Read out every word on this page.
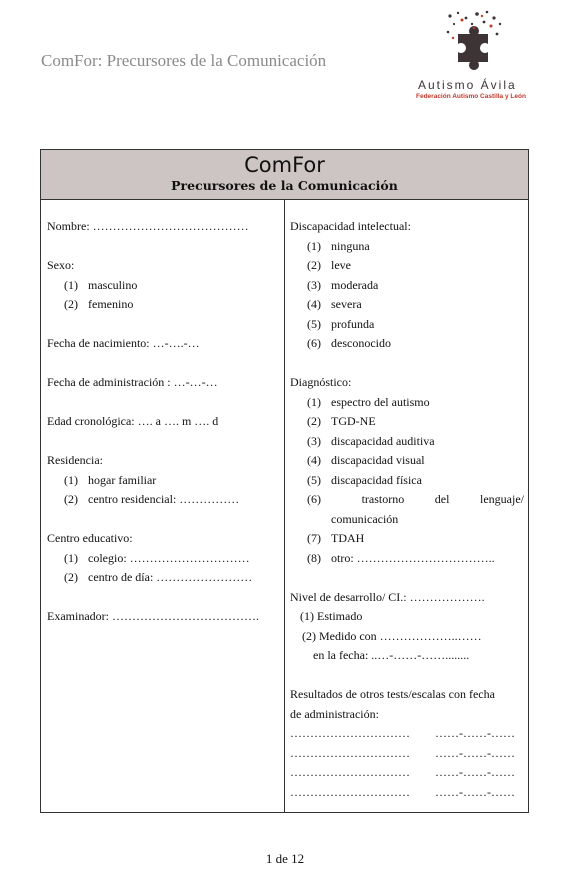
ComFor: Precursores de la Comunicación
Autismo Ávila
Federación Autismo Castilla y León
ComFor
Precursores de la Comunicación
Nombre: …………………………………
Sexo:
(1) masculino
(2) femenino
Fecha de nacimiento: …-….-…
Fecha de administración : …-…-…
Edad cronológica: …. a …. m …. d
Residencia:
(1) hogar familiar
(2) centro residencial: ……………
Centro educativo:
(1) colegio: …………………………
(2) centro de día: ……………………
Examinador: ……………………………….
Discapacidad intelectual:
(1) ninguna
(2) leve
(3) moderada
(4) severa
(5) profunda
(6) desconocido
Diagnóstico:
(1) espectro del autismo
(2) TGD-NE
(3) discapacidad auditiva
(4) discapacidad visual
(5) discapacidad física
(6)	trastorno	del	lenguaje/
comunicación
(7) TDAH
(8) otro: ……………………………..
Nivel de desarrollo/ CI.: ……………….
(1) Estimado
(2) Medido con ………………..……
en la fecha: ..…-……-……........
Resultados de otros tests/escalas con fecha
de administración:
…………………………	……-……-……
…………………………	……-……-……
…………………………	……-……-……
…………………………	……-……-……
1 de 12
